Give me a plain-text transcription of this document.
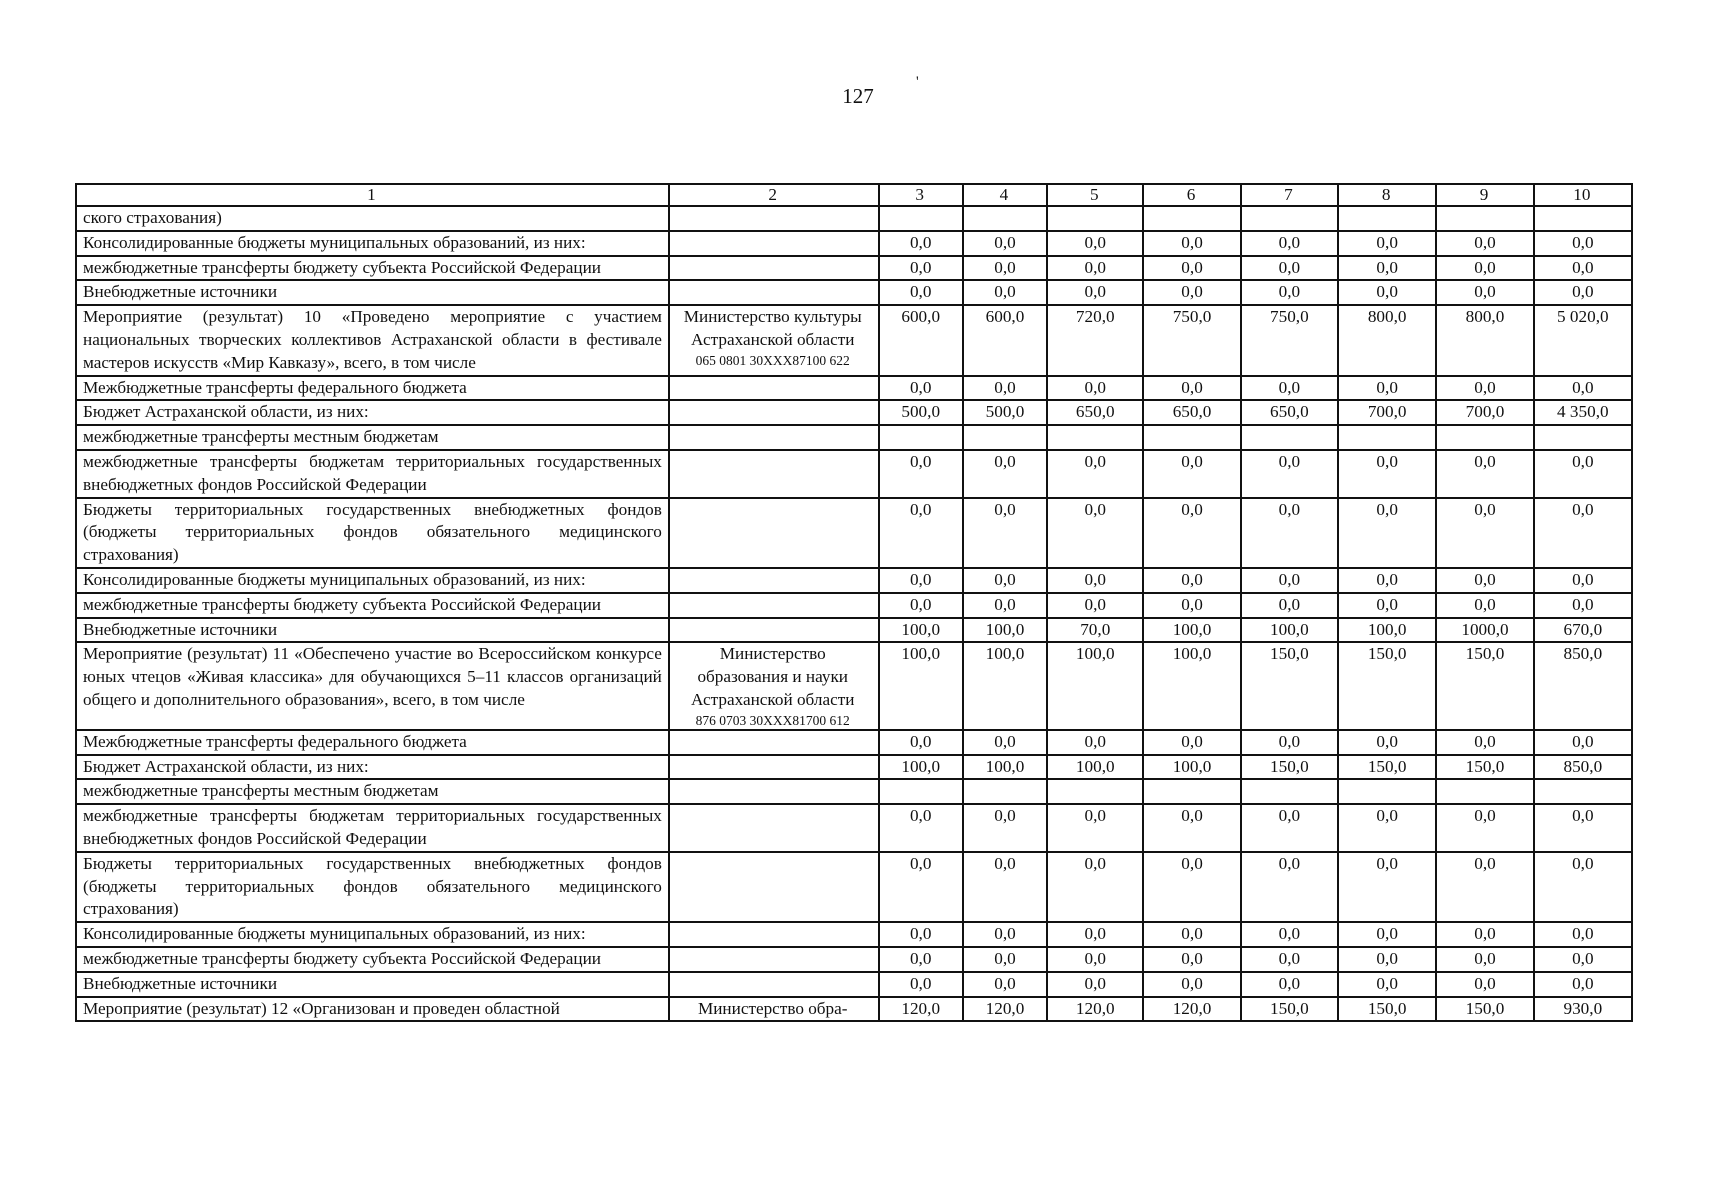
127
'
1	2	3	4	5	6	7	8	9	10
ского страхования)									
Консолидированные бюджеты муниципальных образований, из них:		0,0	0,0	0,0	0,0	0,0	0,0	0,0	0,0
межбюджетные трансферты бюджету субъекта Российской Федерации		0,0	0,0	0,0	0,0	0,0	0,0	0,0	0,0
Внебюджетные источники		0,0	0,0	0,0	0,0	0,0	0,0	0,0	0,0
Мероприятие (результат) 10 «Проведено мероприятие с участием национальных творческих коллективов Астраханской области в фестивале мастеров искусств «Мир Кавказу», всего, в том числе	Министерство культуры Астраханской области
065 0801 30ХХХ87100 622	600,0	600,0	720,0	750,0	750,0	800,0	800,0	5 020,0
Межбюджетные трансферты федерального бюджета		0,0	0,0	0,0	0,0	0,0	0,0	0,0	0,0
Бюджет Астраханской области, из них:		500,0	500,0	650,0	650,0	650,0	700,0	700,0	4 350,0
межбюджетные трансферты местным бюджетам									
межбюджетные трансферты бюджетам территориальных государственных внебюджетных фондов Российской Федерации		0,0	0,0	0,0	0,0	0,0	0,0	0,0	0,0
Бюджеты территориальных государственных внебюджетных фондов (бюджеты территориальных фондов обязательного медицинского страхования)		0,0	0,0	0,0	0,0	0,0	0,0	0,0	0,0
Консолидированные бюджеты муниципальных образований, из них:		0,0	0,0	0,0	0,0	0,0	0,0	0,0	0,0
межбюджетные трансферты бюджету субъекта Российской Федерации		0,0	0,0	0,0	0,0	0,0	0,0	0,0	0,0
Внебюджетные источники		100,0	100,0	70,0	100,0	100,0	100,0	1000,0	670,0
Мероприятие (результат) 11 «Обеспечено участие во Всероссийском конкурсе юных чтецов «Живая классика» для обучающихся 5–11 классов организаций общего и дополнительного образования», всего, в том числе	Министерство образования и науки Астраханской области
876 0703 30ХХХ81700 612	100,0	100,0	100,0	100,0	150,0	150,0	150,0	850,0
Межбюджетные трансферты федерального бюджета		0,0	0,0	0,0	0,0	0,0	0,0	0,0	0,0
Бюджет Астраханской области, из них:		100,0	100,0	100,0	100,0	150,0	150,0	150,0	850,0
межбюджетные трансферты местным бюджетам									
межбюджетные трансферты бюджетам территориальных государственных внебюджетных фондов Российской Федерации		0,0	0,0	0,0	0,0	0,0	0,0	0,0	0,0
Бюджеты территориальных государственных внебюджетных фондов (бюджеты территориальных фондов обязательного медицинского страхования)		0,0	0,0	0,0	0,0	0,0	0,0	0,0	0,0
Консолидированные бюджеты муниципальных образований, из них:		0,0	0,0	0,0	0,0	0,0	0,0	0,0	0,0
межбюджетные трансферты бюджету субъекта Российской Федерации		0,0	0,0	0,0	0,0	0,0	0,0	0,0	0,0
Внебюджетные источники		0,0	0,0	0,0	0,0	0,0	0,0	0,0	0,0
Мероприятие (результат) 12 «Организован и проведен областной	Министерство обра-	120,0	120,0	120,0	120,0	150,0	150,0	150,0	930,0
